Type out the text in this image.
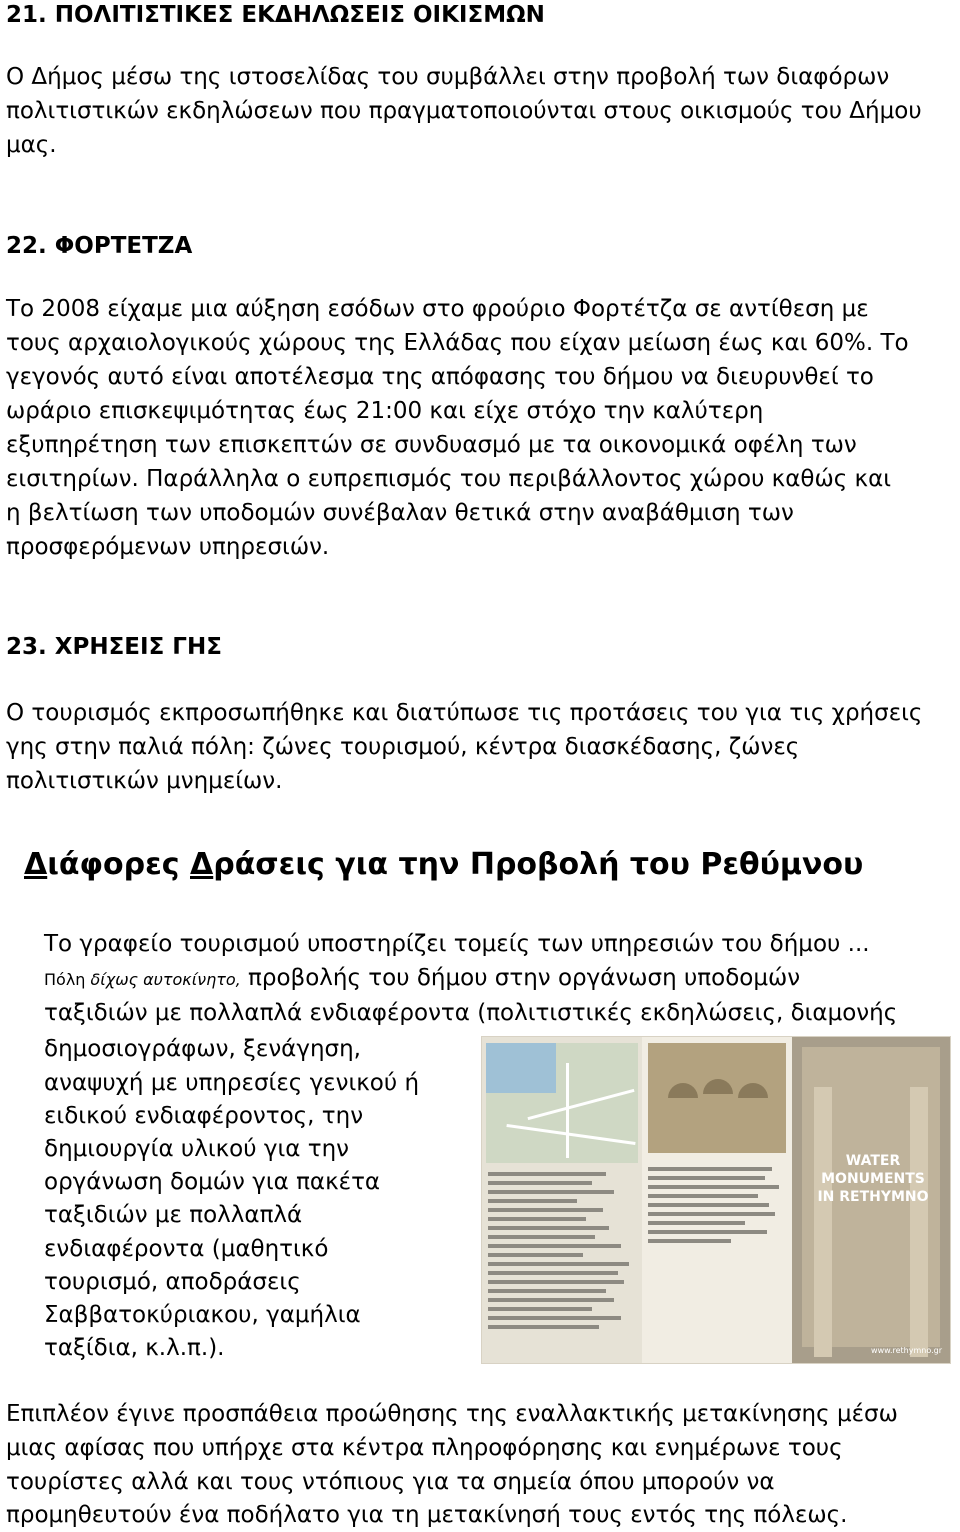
21. ΠΟΛΙΤΙΣΤΙΚΕΣ ΕΚΔΗΛΩΣΕΙΣ ΟΙΚΙΣΜΩΝ

Ο Δήμος μέσω της ιστοσελίδας του συμβάλλει στην προβολή των διαφόρων

πολιτιστικών εκδηλώσεων που πραγματοποιούνται στους οικισμούς του Δήμου

μας.

22. ΦΟΡΤΕΤΖΑ

Το 2008 είχαμε μια αύξηση εσόδων στο φρούριο Φορτέτζα σε αντίθεση με

τους αρχαιολογικούς χώρους της Ελλάδας που είχαν μείωση έως και 60%. Το

γεγονός αυτό είναι αποτέλεσμα της απόφασης του δήμου να διευρυνθεί το

ωράριο επισκεψιμότητας έως 21:00 και είχε στόχο την καλύτερη

εξυπηρέτηση των επισκεπτών σε συνδυασμό με τα οικονομικά οφέλη των

εισιτηρίων. Παράλληλα ο ευπρεπισμός του περιβάλλοντος χώρου καθώς και

η βελτίωση των υποδομών συνέβαλαν θετικά στην αναβάθμιση των

προσφερόμενων υπηρεσιών.

23. ΧΡΗΣΕΙΣ ΓΗΣ

Ο τουρισμός εκπροσωπήθηκε και διατύπωσε τις προτάσεις του για τις χρήσεις

γης στην παλιά πόλη: ζώνες τουρισμού, κέντρα διασκέδασης, ζώνες

πολιτιστικών μνημείων.

Διάφορες Δράσεις για την Προβολή του Ρεθύμνου

Το γραφείο τουρισμού υποστηρίζει τομείς των υπηρεσιών του δήμου ...

Πόλη δίχως αυτοκίνητο, προβολής του δήμου στην οργάνωση υποδομών

ταξιδιών με πολλαπλά ενδιαφέροντα (πολιτιστικές εκδηλώσεις, διαμονής

δημοσιογράφων, ξενάγηση,

αναψυχή με υπηρεσίες γενικού ή

ειδικού ενδιαφέροντος, την

δημιουργία υλικού για την

οργάνωση δομών για πακέτα

ταξιδιών με πολλαπλά

ενδιαφέροντα (μαθητικό

τουρισμό, αποδράσεις

Σαββατοκύριακου, γαμήλια

ταξίδια, κ.λ.π.).

WATER
MONUMENTS
IN RETHYMNO
www.rethymno.gr

Επιπλέον έγινε προσπάθεια προώθησης της εναλλακτικής μετακίνησης μέσω

μιας αφίσας που υπήρχε στα κέντρα πληροφόρησης και ενημέρωνε τους

τουρίστες αλλά και τους ντόπιους για τα σημεία όπου μπορούν να

προμηθευτούν ένα ποδήλατο για τη μετακίνησή τους εντός της πόλεως.
